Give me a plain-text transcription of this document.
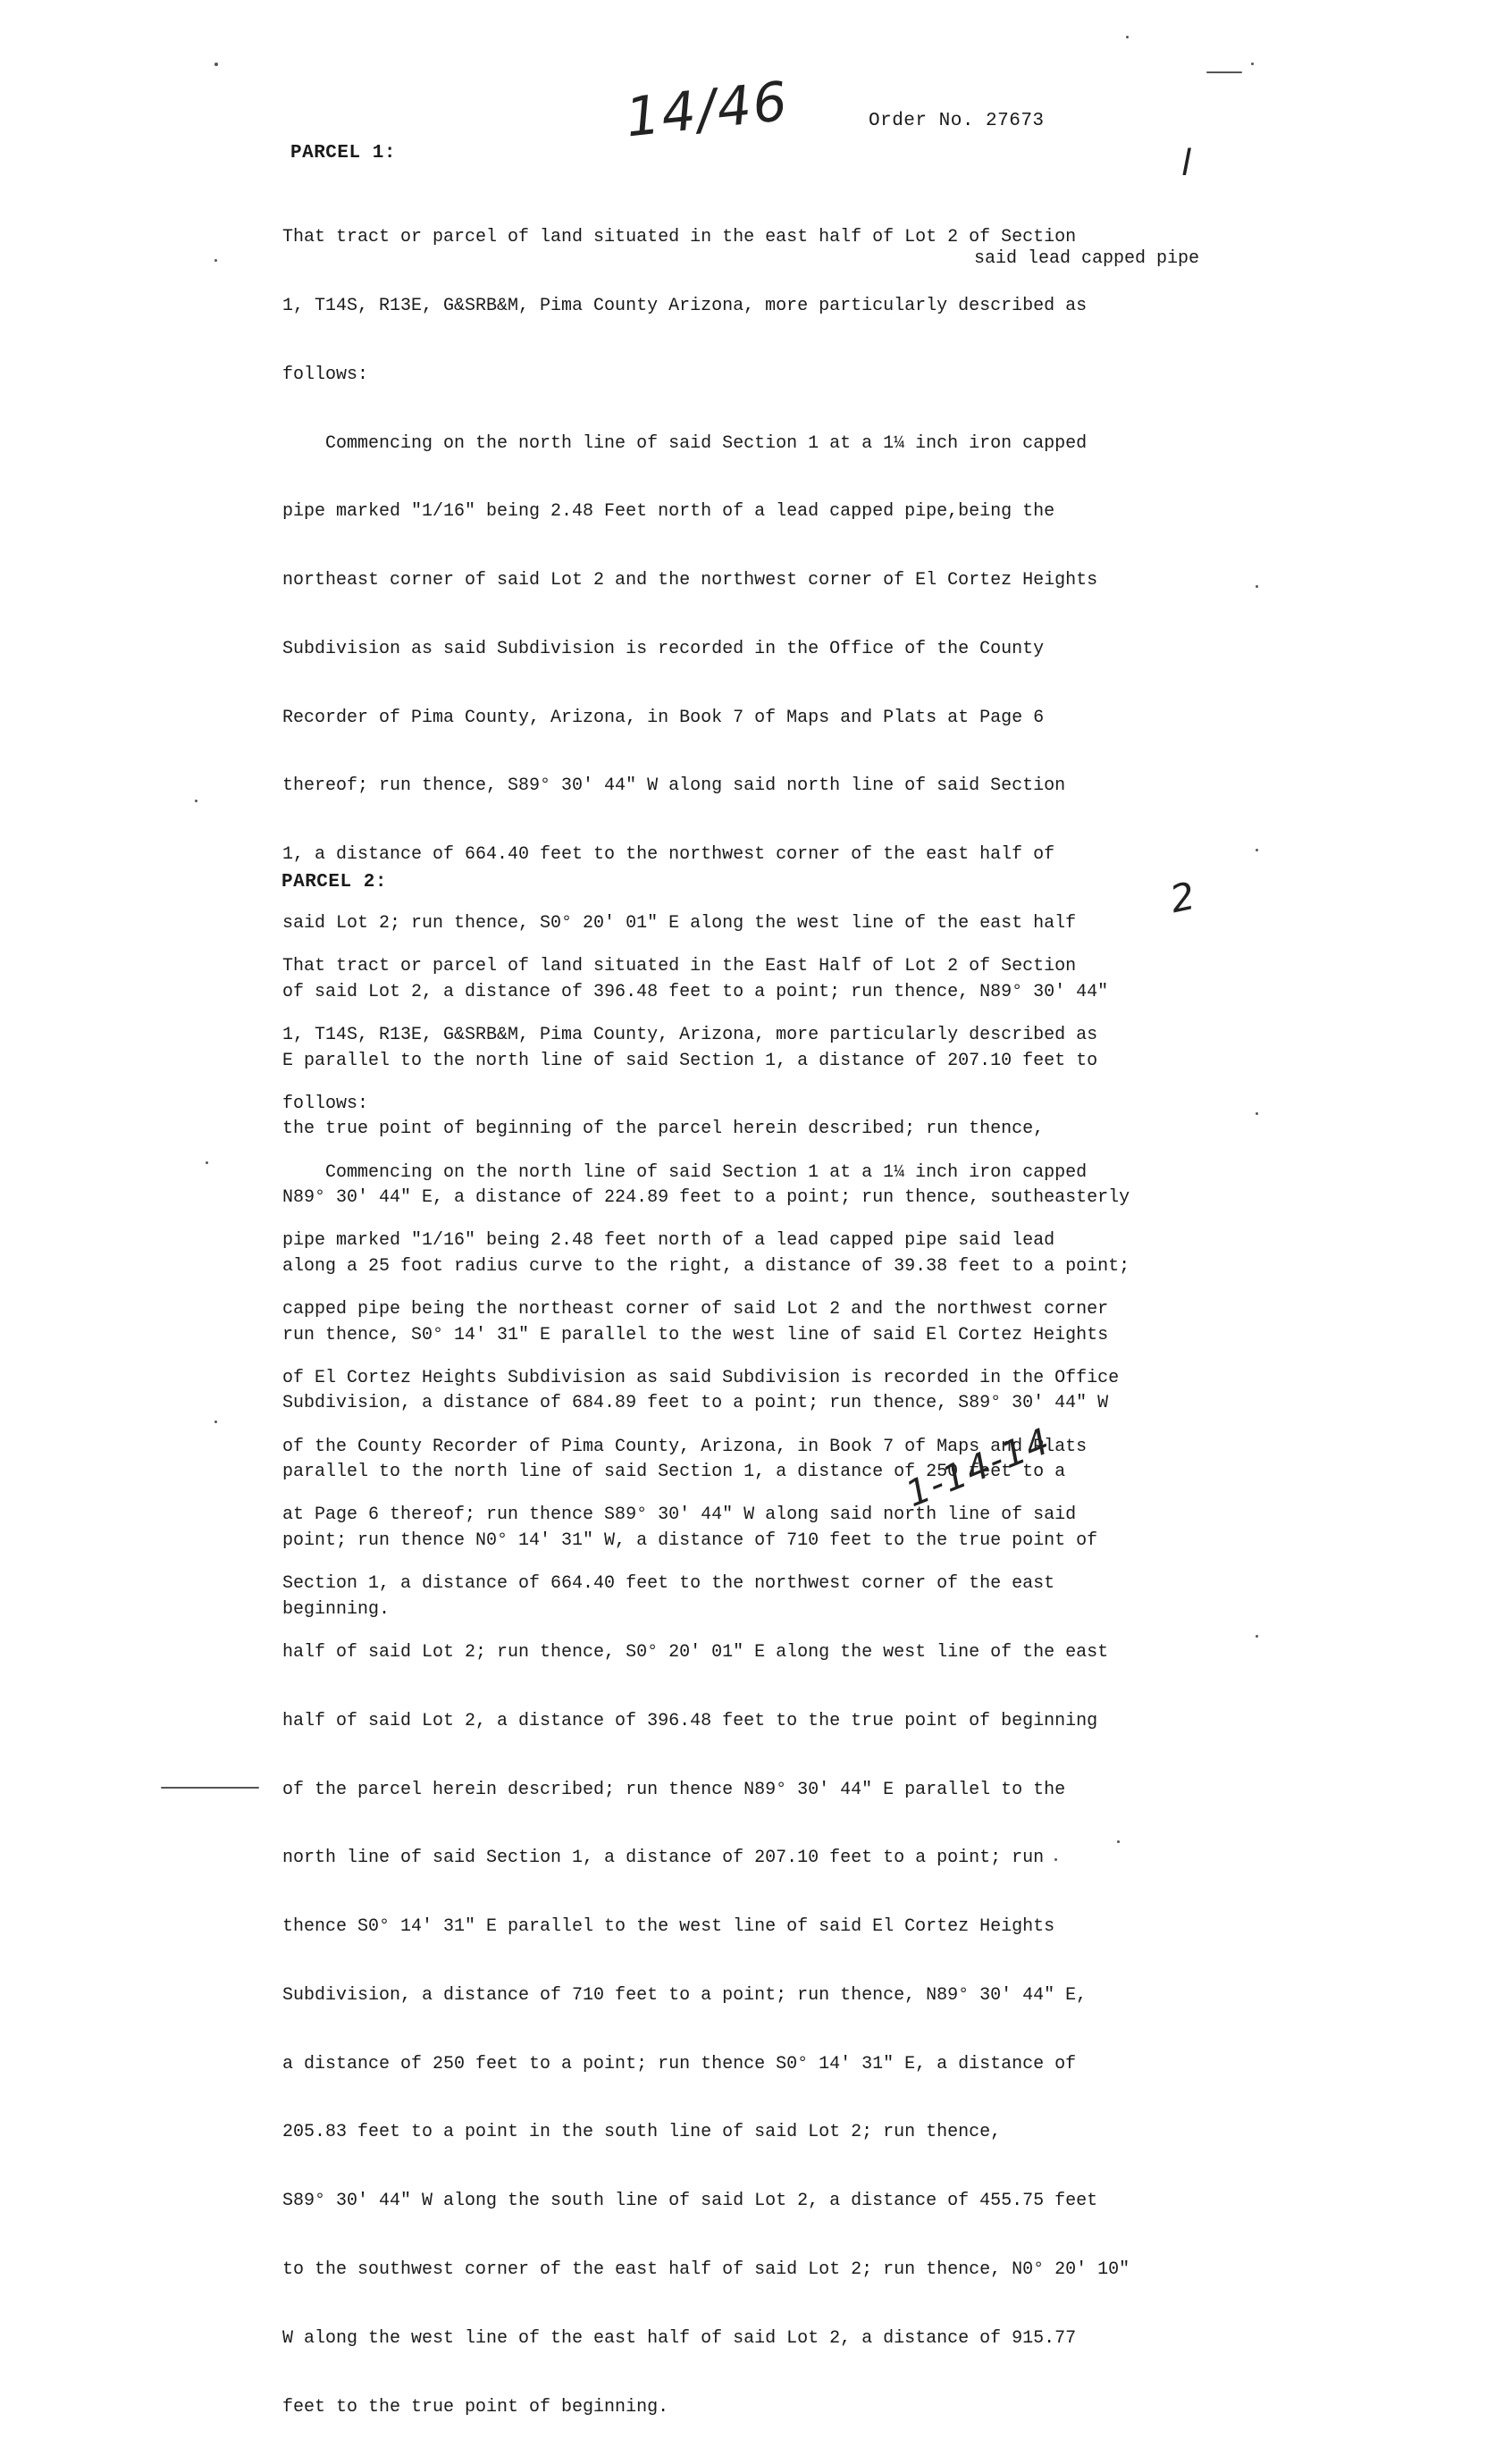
14/46	Order No. 27673
l
PARCEL 1:
said lead capped pipe

That tract or parcel of land situated in the east half of Lot 2 of Section

1, T14S, R13E, G&SRB&M, Pima County Arizona, more particularly described as

follows:

Commencing on the north line of said Section 1 at a 1¼ inch iron capped

pipe marked "1/16" being 2.48 Feet north of a lead capped pipe,being the

northeast corner of said Lot 2 and the northwest corner of El Cortez Heights

Subdivision as said Subdivision is recorded in the Office of the County

Recorder of Pima County, Arizona, in Book 7 of Maps and Plats at Page 6

thereof; run thence, S89° 30' 44" W along said north line of said Section

1, a distance of 664.40 feet to the northwest corner of the east half of

said Lot 2; run thence, S0° 20' 01" E along the west line of the east half

of said Lot 2, a distance of 396.48 feet to a point; run thence, N89° 30' 44"

E parallel to the north line of said Section 1, a distance of 207.10 feet to

the true point of beginning of the parcel herein described; run thence,

N89° 30' 44" E, a distance of 224.89 feet to a point; run thence, southeasterly

along a 25 foot radius curve to the right, a distance of 39.38 feet to a point;

run thence, S0° 14' 31" E parallel to the west line of said El Cortez Heights

Subdivision, a distance of 684.89 feet to a point; run thence, S89° 30' 44" W

parallel to the north line of said Section 1, a distance of 250 feet to a

point; run thence N0° 14' 31" W, a distance of 710 feet to the true point of

beginning.

PARCEL 2:	2

That tract or parcel of land situated in the East Half of Lot 2 of Section

1, T14S, R13E, G&SRB&M, Pima County, Arizona, more particularly described as

follows:

Commencing on the north line of said Section 1 at a 1¼ inch iron capped

pipe marked "1/16" being 2.48 feet north of a lead capped pipe said lead

capped pipe being the northeast corner of said Lot 2 and the northwest corner

of El Cortez Heights Subdivision as said Subdivision is recorded in the Office

of the County Recorder of Pima County, Arizona, in Book 7 of Maps and Plats

at Page 6 thereof; run thence S89° 30' 44" W along said north line of said

Section 1, a distance of 664.40 feet to the northwest corner of the east

half of said Lot 2; run thence, S0° 20' 01" E along the west line of the east

half of said Lot 2, a distance of 396.48 feet to the true point of beginning

of the parcel herein described; run thence N89° 30' 44" E parallel to the

north line of said Section 1, a distance of 207.10 feet to a point; run

thence S0° 14' 31" E parallel to the west line of said El Cortez Heights

Subdivision, a distance of 710 feet to a point; run thence, N89° 30' 44" E,

a distance of 250 feet to a point; run thence S0° 14' 31" E, a distance of

205.83 feet to a point in the south line of said Lot 2; run thence,

S89° 30' 44" W along the south line of said Lot 2, a distance of 455.75 feet

to the southwest corner of the east half of said Lot 2; run thence, N0° 20' 10"

W along the west line of the east half of said Lot 2, a distance of 915.77

feet to the true point of beginning.

1-14-14
